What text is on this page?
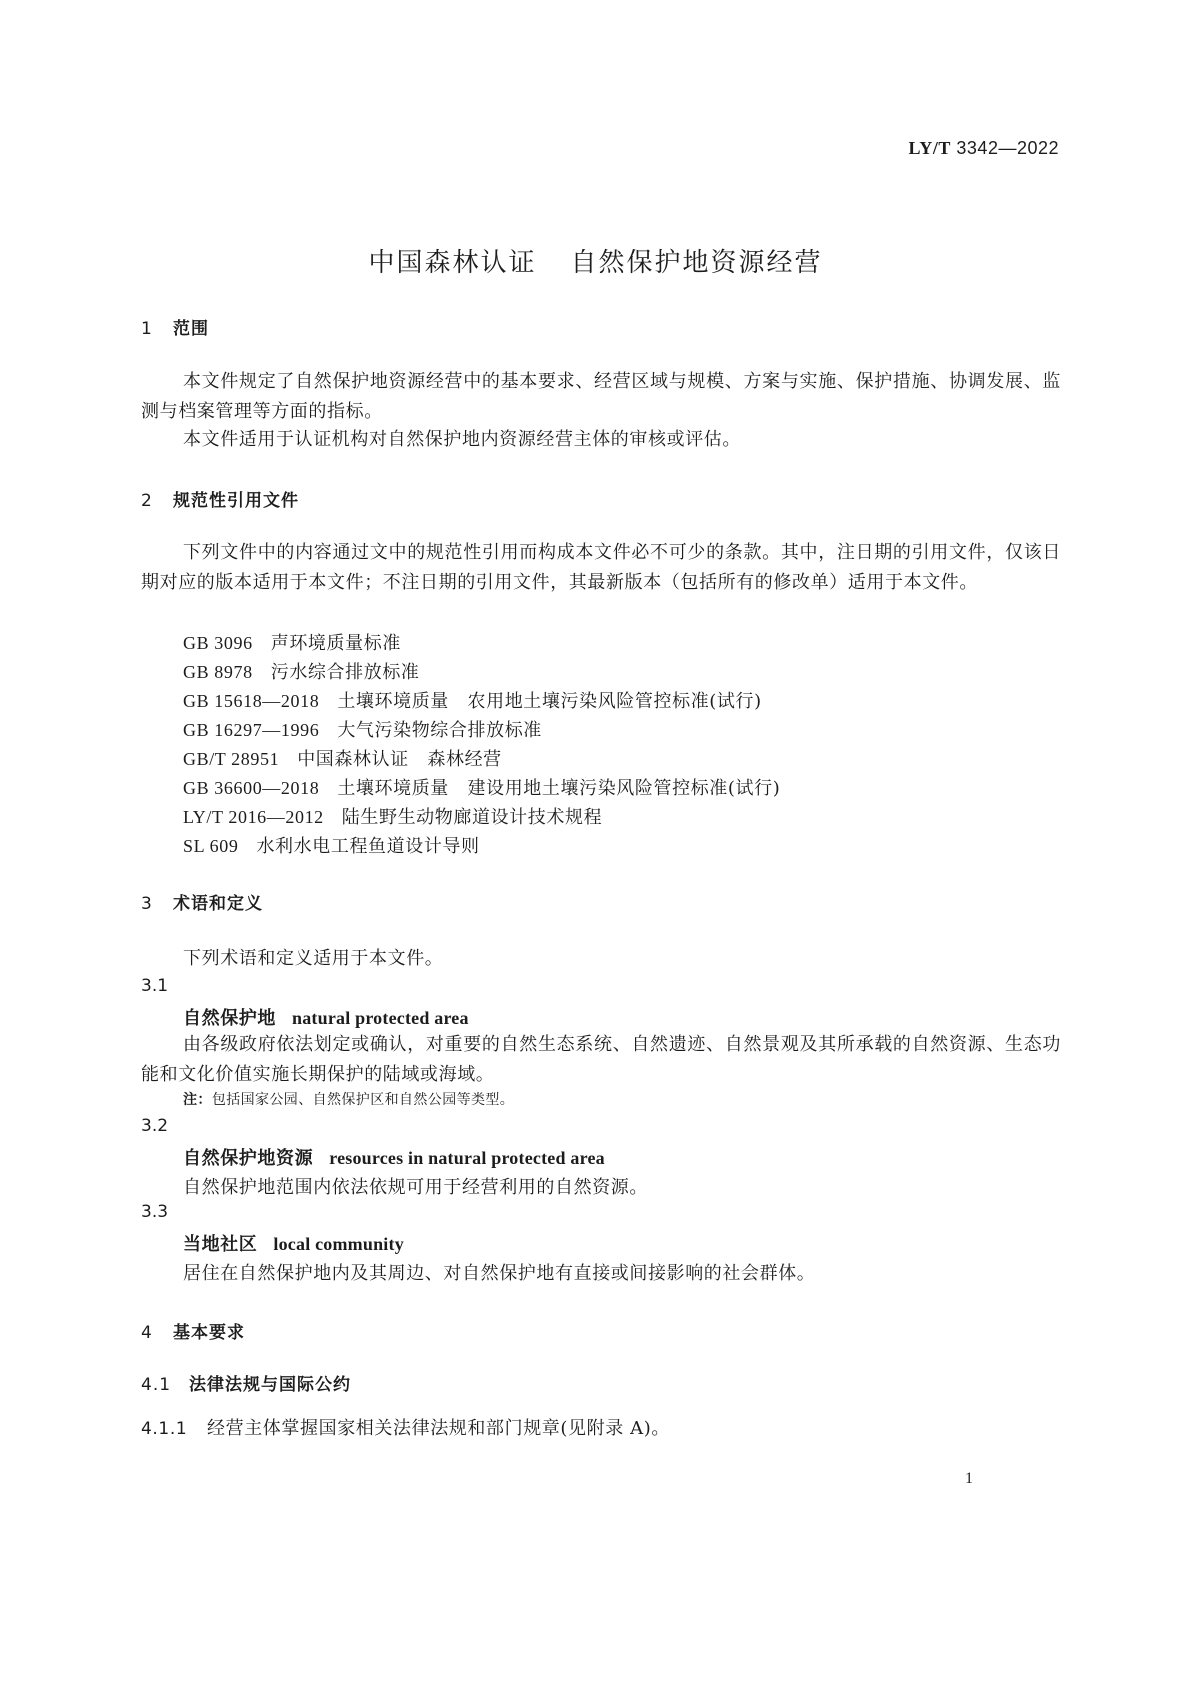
LY/T 3342—2022
中国森林认证 自然保护地资源经营
1 范围
本文件规定了自然保护地资源经营中的基本要求、经营区域与规模、方案与实施、保护措施、协调发展、监测与档案管理等方面的指标。
本文件适用于认证机构对自然保护地内资源经营主体的审核或评估。
2 规范性引用文件
下列文件中的内容通过文中的规范性引用而构成本文件必不可少的条款。其中，注日期的引用文件，仅该日期对应的版本适用于本文件；不注日期的引用文件，其最新版本（包括所有的修改单）适用于本文件。
GB 3096 声环境质量标准
GB 8978 污水综合排放标准
GB 15618—2018 土壤环境质量　农用地土壤污染风险管控标准(试行)
GB 16297—1996 大气污染物综合排放标准
GB/T 28951 中国森林认证　森林经营
GB 36600—2018 土壤环境质量　建设用地土壤污染风险管控标准(试行)
LY/T 2016—2012 陆生野生动物廊道设计技术规程
SL 609 水利水电工程鱼道设计导则
3 术语和定义
下列术语和定义适用于本文件。
3.1
自然保护地 natural protected area
由各级政府依法划定或确认，对重要的自然生态系统、自然遗迹、自然景观及其所承载的自然资源、生态功能和文化价值实施长期保护的陆域或海域。
注：包括国家公园、自然保护区和自然公园等类型。
3.2
自然保护地资源 resources in natural protected area
自然保护地范围内依法依规可用于经营利用的自然资源。
3.3
当地社区 local community
居住在自然保护地内及其周边、对自然保护地有直接或间接影响的社会群体。
4 基本要求
4.1 法律法规与国际公约
4.1.1 经营主体掌握国家相关法律法规和部门规章(见附录 A)。
1
